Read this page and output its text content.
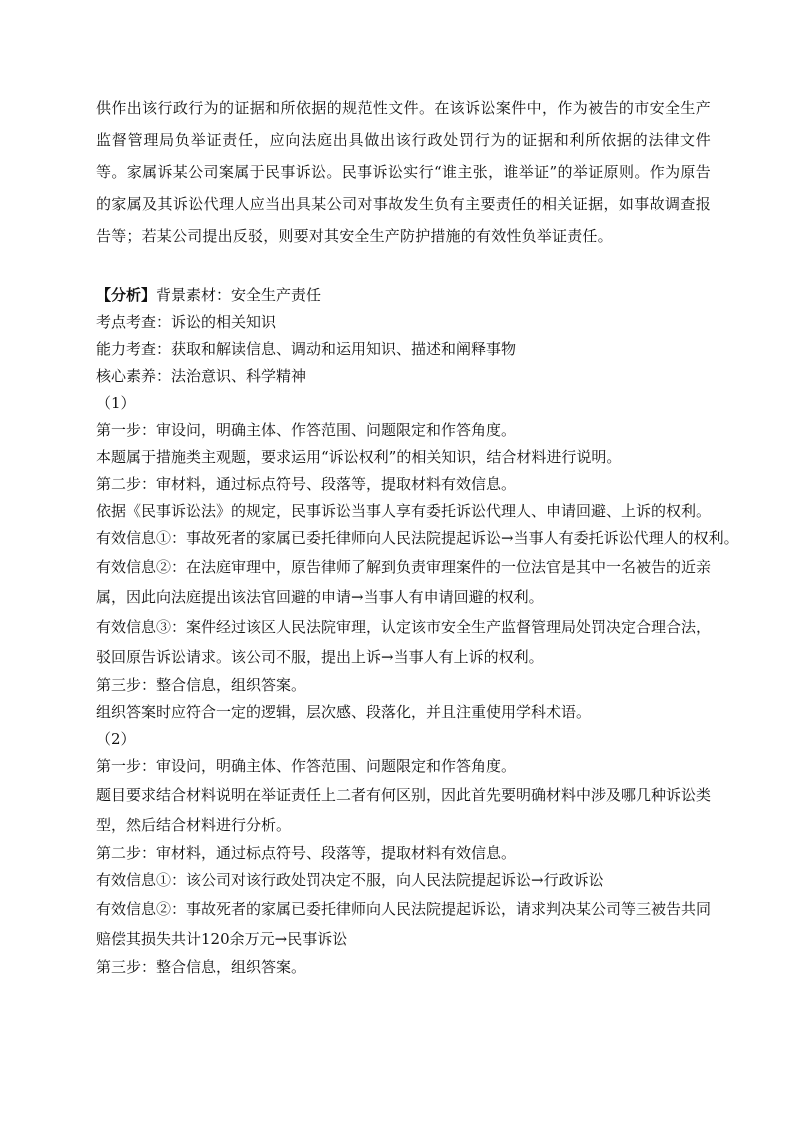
供作出该行政行为的证据和所依据的规范性文件。在该诉讼案件中，作为被告的市安全生产监督管理局负举证责任，应向法庭出具做出该行政处罚行为的证据和利所依据的法律文件等。家属诉某公司案属于民事诉讼。民事诉讼实行“谁主张，谁举证”的举证原则。作为原告的家属及其诉讼代理人应当出具某公司对事故发生负有主要责任的相关证据，如事故调查报告等；若某公司提出反驳，则要对其安全生产防护措施的有效性负举证责任。

【分析】背景素材：安全生产责任

考点考查：诉讼的相关知识

能力考查：获取和解读信息、调动和运用知识、描述和阐释事物

核心素养：法治意识、科学精神

（1）

第一步：审设问，明确主体、作答范围、问题限定和作答角度。

本题属于措施类主观题，要求运用“诉讼权利”的相关知识，结合材料进行说明。

第二步：审材料，通过标点符号、段落等，提取材料有效信息。

依据《民事诉讼法》的规定，民事诉讼当事人享有委托诉讼代理人、申请回避、上诉的权利。

有效信息①：事故死者的家属已委托律师向人民法院提起诉讼→当事人有委托诉讼代理人的权利。

有效信息②：在法庭审理中，原告律师了解到负责审理案件的一位法官是其中一名被告的近亲属，因此向法庭提出该法官回避的申请→当事人有申请回避的权利。

有效信息③：案件经过该区人民法院审理，认定该市安全生产监督管理局处罚决定合理合法，驳回原告诉讼请求。该公司不服，提出上诉→当事人有上诉的权利。

第三步：整合信息，组织答案。

组织答案时应符合一定的逻辑，层次感、段落化，并且注重使用学科术语。

（2）

第一步：审设问，明确主体、作答范围、问题限定和作答角度。

题目要求结合材料说明在举证责任上二者有何区别，因此首先要明确材料中涉及哪几种诉讼类型，然后结合材料进行分析。

第二步：审材料，通过标点符号、段落等，提取材料有效信息。

有效信息①：该公司对该行政处罚决定不服，向人民法院提起诉讼→行政诉讼

有效信息②：事故死者的家属已委托律师向人民法院提起诉讼，请求判决某公司等三被告共同赔偿其损失共计120余万元→民事诉讼

第三步：整合信息，组织答案。
